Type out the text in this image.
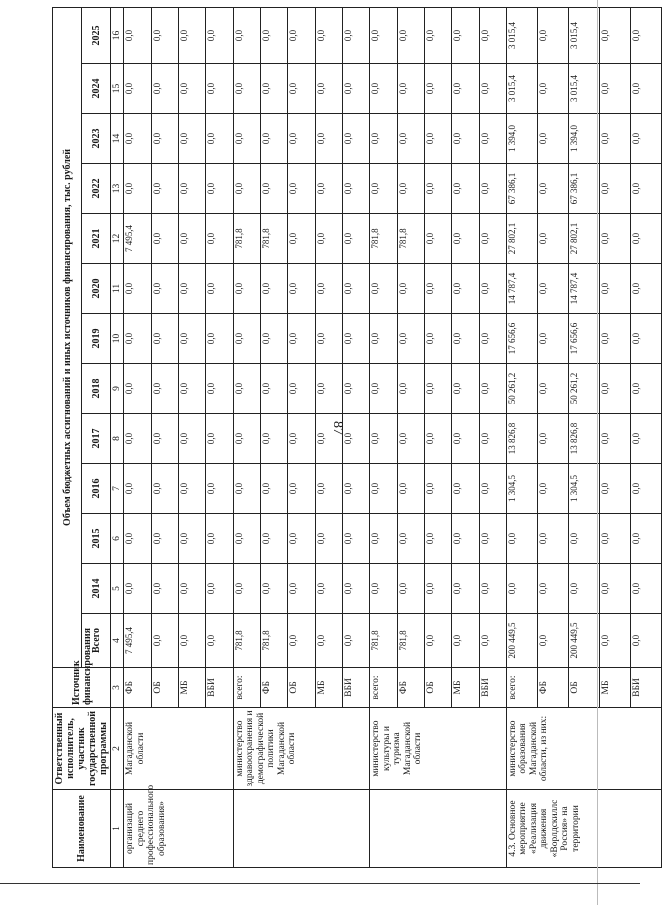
87
Наименование	Ответственный исполнитель, участник государственной программы	Источник финансирования	Объем бюджетных ассигнований и иных источников финансирования, тыс. рублей												
			Всего	2014	2015	2016	2017	2018	2019	2020	2021	2022	2023	2024	2025
1	2	3	4	5	6	7	8	9	10	11	12	13	14	15	16
организаций среднего профессионального образования»	Магаданской области	ФБ	7 495,4	0,0	0,0	0,0	0,0	0,0	0,0	0,0	7 495,4	0,0	0,0	0,0	0,0
		ОБ	0,0	0,0	0,0	0,0	0,0	0,0	0,0	0,0	0,0	0,0	0,0	0,0	0,0
		МБ	0,0	0,0	0,0	0,0	0,0	0,0	0,0	0,0	0,0	0,0	0,0	0,0	0,0
		ВБИ	0,0	0,0	0,0	0,0	0,0	0,0	0,0	0,0	0,0	0,0	0,0	0,0	0,0
	министерство здравоохранения и демографической политики Магаданской области	всего:	781,8	0,0	0,0	0,0	0,0	0,0	0,0	0,0	781,8	0,0	0,0	0,0	0,0
		ФБ	781,8	0,0	0,0	0,0	0,0	0,0	0,0	0,0	781,8	0,0	0,0	0,0	0,0
		ОБ	0,0	0,0	0,0	0,0	0,0	0,0	0,0	0,0	0,0	0,0	0,0	0,0	0,0
		МБ	0,0	0,0	0,0	0,0	0,0	0,0	0,0	0,0	0,0	0,0	0,0	0,0	0,0
		ВБИ	0,0	0,0	0,0	0,0	0,0	0,0	0,0	0,0	0,0	0,0	0,0	0,0	0,0
	министерство культуры и туризма Магаданской области	всего:	781,8	0,0	0,0	0,0	0,0	0,0	0,0	0,0	781,8	0,0	0,0	0,0	0,0
		ФБ	781,8	0,0	0,0	0,0	0,0	0,0	0,0	0,0	781,8	0,0	0,0	0,0	0,0
		ОБ	0,0	0,0	0,0	0,0	0,0	0,0	0,0	0,0	0,0	0,0	0,0	0,0	0,0
		МБ	0,0	0,0	0,0	0,0	0,0	0,0	0,0	0,0	0,0	0,0	0,0	0,0	0,0
		ВБИ	0,0	0,0	0,0	0,0	0,0	0,0	0,0	0,0	0,0	0,0	0,0	0,0	0,0
4.3. Основное мероприятие «Реализация движения «Ворлдскиллс Россия» на территории	министерство образования Магаданской области, из них:	всего:	200 449,5	0,0	0,0	1 304,5	13 826,8	50 261,2	17 656,6	14 787,4	27 802,1	67 386,1	1 394,0	3 015,4	3 015,4
		ФБ	0,0	0,0	0,0	0,0	0,0	0,0	0,0	0,0	0,0	0,0	0,0	0,0	0,0
		ОБ	200 449,5	0,0	0,0	1 304,5	13 826,8	50 261,2	17 656,6	14 787,4	27 802,1	67 386,1	1 394,0	3 015,4	3 015,4
		МБ	0,0	0,0	0,0	0,0	0,0	0,0	0,0	0,0	0,0	0,0	0,0	0,0	0,0
		ВБИ	0,0	0,0	0,0	0,0	0,0	0,0	0,0	0,0	0,0	0,0	0,0	0,0	0,0
